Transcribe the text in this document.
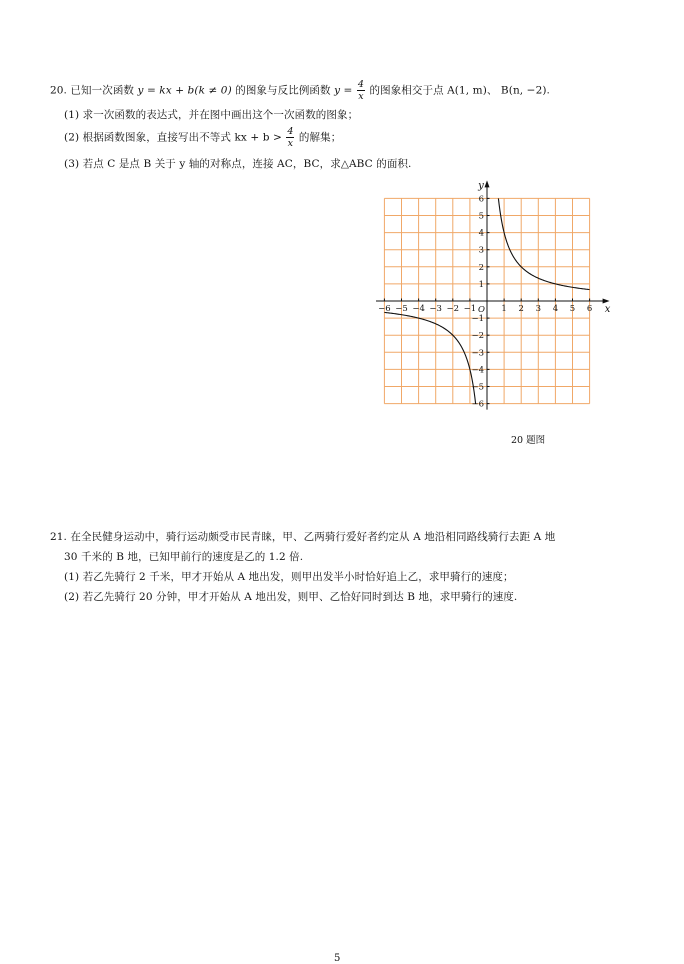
20. 已知一次函数 y = kx + b(k ≠ 0) 的图象与反比例函数 $y = \frac{4}{x}$ 的图象相交于点 A(1, m)、 B(n, −2).
(1) 求一次函数的表达式，并在图中画出这个一次函数的图象；
(2) 根据函数图象，直接写出不等式 kx + $b > \frac{4}{x}$ 的解集；
(3) 若点 C 是点 B 关于 y 轴的对称点，连接 AC，BC，求△ABC 的面积.
−6 −5 −4 −3 −2 −1	1 2 3 4 5 6
6
5
4
3
2
1
−1
−2
−3
−4
−5
−6
O	x
y
20 题图
21. 在全民健身运动中，骑行运动颇受市民青睐，甲、乙两骑行爱好者约定从 A 地沿相同路线骑行去距 A 地
30 千米的 B 地，已知甲前行的速度是乙的 1.2 倍.
(1) 若乙先骑行 2 千米，甲才开始从 A 地出发，则甲出发半小时恰好追上乙，求甲骑行的速度；
(2) 若乙先骑行 20 分钟，甲才开始从 A 地出发，则甲、乙恰好同时到达 B 地，求甲骑行的速度.
5
